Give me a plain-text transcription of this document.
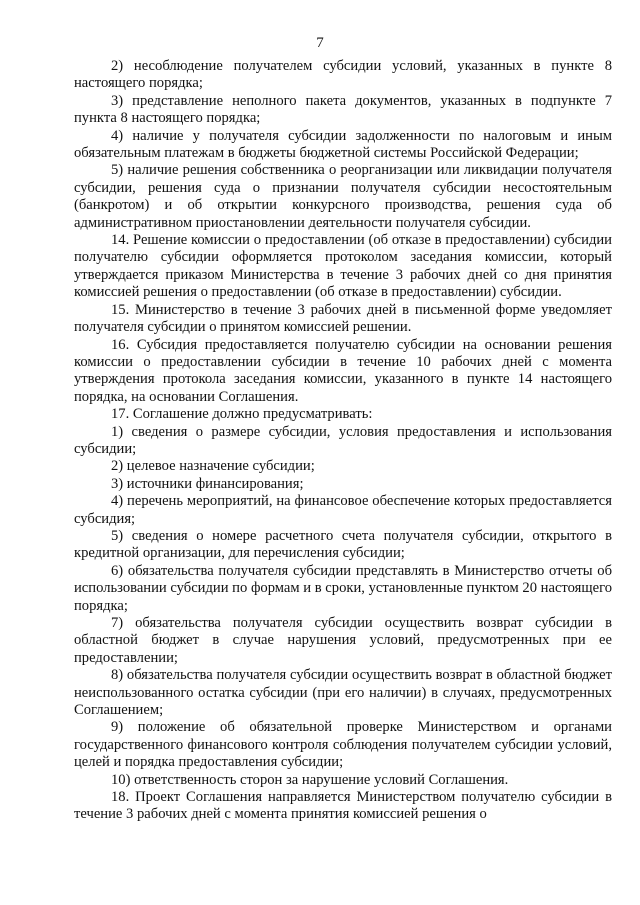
7

2) несоблюдение получателем субсидии условий, указанных в пункте 8 настоящего порядка;

3) представление неполного пакета документов, указанных в подпункте 7 пункта 8 настоящего порядка;

4) наличие у получателя субсидии задолженности по налоговым и иным обязательным платежам в бюджеты бюджетной системы Российской Федерации;

5) наличие решения собственника о реорганизации или ликвидации получателя субсидии, решения суда о признании получателя субсидии несостоятельным (банкротом) и об открытии конкурсного производства, решения суда об административном приостановлении деятельности получателя субсидии.

14. Решение комиссии о предоставлении (об отказе в предоставлении) субсидии получателю субсидии оформляется протоколом заседания комиссии, который утверждается приказом Министерства в течение 3 рабочих дней со дня принятия комиссией решения о предоставлении (об отказе в предоставлении) субсидии.

15. Министерство в течение 3 рабочих дней в письменной форме уведомляет получателя субсидии о принятом комиссией решении.

16. Субсидия предоставляется получателю субсидии на основании решения комиссии о предоставлении субсидии в течение 10 рабочих дней с момента утверждения протокола заседания комиссии, указанного в пункте 14 настоящего порядка, на основании Соглашения.

17. Соглашение должно предусматривать:

1) сведения о размере субсидии, условия предоставления и использования субсидии;

2) целевое назначение субсидии;

3) источники финансирования;

4) перечень мероприятий, на финансовое обеспечение которых предоставляется субсидия;

5) сведения о номере расчетного счета получателя субсидии, открытого в кредитной организации, для перечисления субсидии;

6) обязательства получателя субсидии представлять в Министерство отчеты об использовании субсидии по формам и в сроки, установленные пунктом 20 настоящего порядка;

7) обязательства получателя субсидии осуществить возврат субсидии в областной бюджет в случае нарушения условий, предусмотренных при ее предоставлении;

8) обязательства получателя субсидии осуществить возврат в областной бюджет неиспользованного остатка субсидии (при его наличии) в случаях, предусмотренных Соглашением;

9) положение об обязательной проверке Министерством и органами государственного финансового контроля соблюдения получателем субсидии условий, целей и порядка предоставления субсидии;

10) ответственность сторон за нарушение условий Соглашения.

18. Проект Соглашения направляется Министерством получателю субсидии в течение 3 рабочих дней с момента принятия комиссией решения о
